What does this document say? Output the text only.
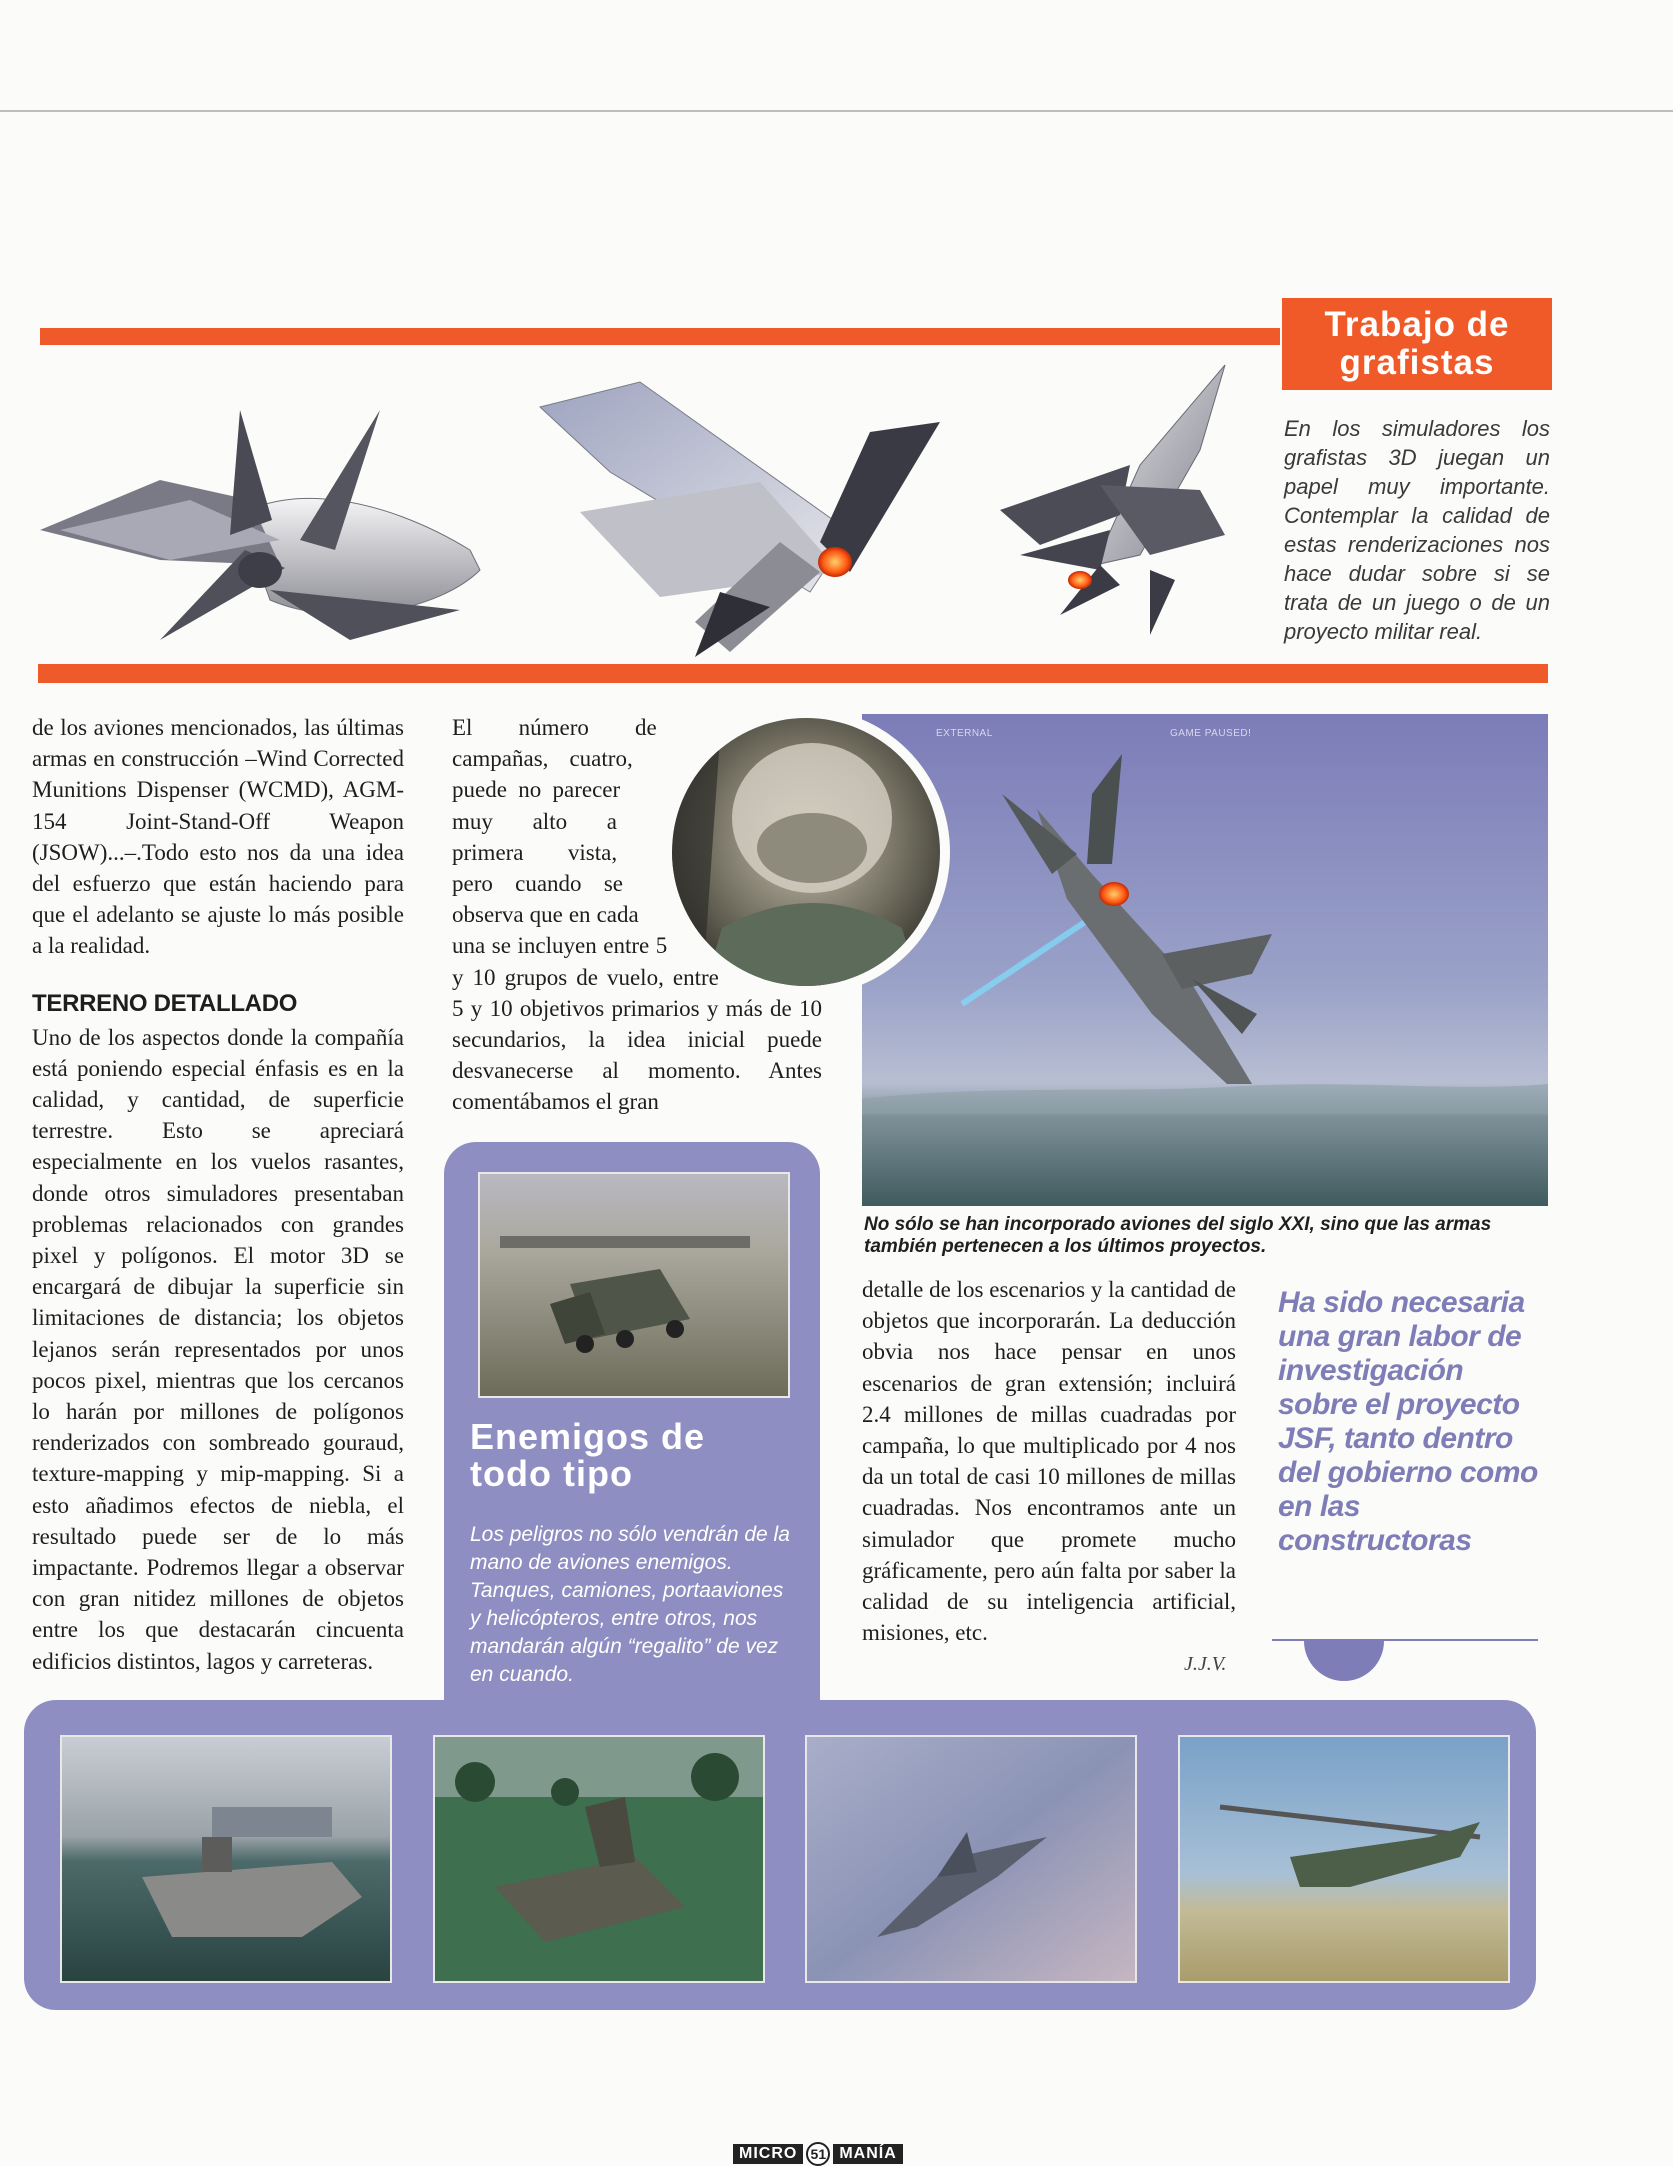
Trabajo de
grafistas
En los simuladores los grafistas 3D juegan un papel muy importante. Contemplar la calidad de estas renderizaciones nos hace dudar sobre si se trata de un juego o de un proyecto militar real.

de los aviones mencionados, las últimas armas en construcción –Wind Corrected Munitions Dispenser (WCMD), AGM-154 Joint-Stand-Off Weapon (JSOW)...–.Todo esto nos da una idea del esfuerzo que están haciendo para que el adelanto se ajuste lo más posible a la realidad.

TERRENO DETALLADO

Uno de los aspectos donde la compañía está poniendo especial énfasis es en la calidad, y cantidad, de superficie terrestre. Esto se apreciará especialmente en los vuelos rasantes, donde otros simuladores presentaban problemas relacionados con grandes pixel y polígonos. El motor 3D se encargará de dibujar la superficie sin limitaciones de distancia; los objetos lejanos serán representados por unos pocos pixel, mientras que los cercanos lo harán por millones de polígonos renderizados con sombreado gouraud, texture-mapping y mip-mapping. Si a esto añadimos efectos de niebla, el resultado puede ser de lo más impactante. Podremos llegar a observar con gran nitidez millones de objetos entre los que destacarán cincuenta edificios distintos, lagos y carreteras.

El número de campañas, cuatro, puede no parecer muy alto a primera vista, pero cuando se observa que en cada una se incluyen entre 5 y 10 grupos de vuelo, entre 5 y 10 objetivos primarios y más de 10 secundarios, la idea inicial puede desvanecerse al momento. Antes comentábamos el gran

EXTERNAL	GAME PAUSED!
No sólo se han incorporado aviones del siglo XXI, sino que las armas también pertenecen a los últimos proyectos.

detalle de los escenarios y la cantidad de objetos que incorporarán. La deducción obvia nos hace pensar en unos escenarios de gran extensión; incluirá 2.4 millones de millas cuadradas por campaña, lo que multiplicado por 4 nos da un total de casi 10 millones de millas cuadradas. Nos encontramos ante un simulador que promete mucho gráficamente, pero aún falta por saber la calidad de su inteligencia artificial, misiones, etc.

J.J.V.
Ha sido necesaria una gran labor de investigación sobre el proyecto JSF, tanto dentro del gobierno como en las constructoras
Enemigos de
todo tipo
Los peligros no sólo vendrán de la mano de aviones enemigos. Tanques, camiones, portaaviones y helicópteros, entre otros, nos mandarán algún “regalito” de vez en cuando.
MICRO 51 MANÍA
